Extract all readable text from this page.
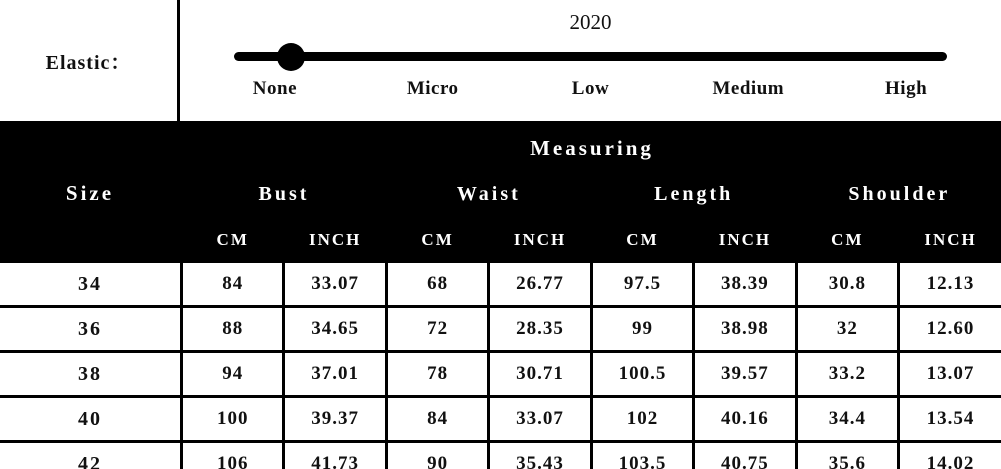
Elastic：
2020
None	Micro	Low	Medium	High
Size	Measuring							
	Bust		Waist		Length		Shoulder	
	CM	INCH	CM	INCH	CM	INCH	CM	INCH
34	84	33.07	68	26.77	97.5	38.39	30.8	12.13
36	88	34.65	72	28.35	99	38.98	32	12.60
38	94	37.01	78	30.71	100.5	39.57	33.2	13.07
40	100	39.37	84	33.07	102	40.16	34.4	13.54
42	106	41.73	90	35.43	103.5	40.75	35.6	14.02
